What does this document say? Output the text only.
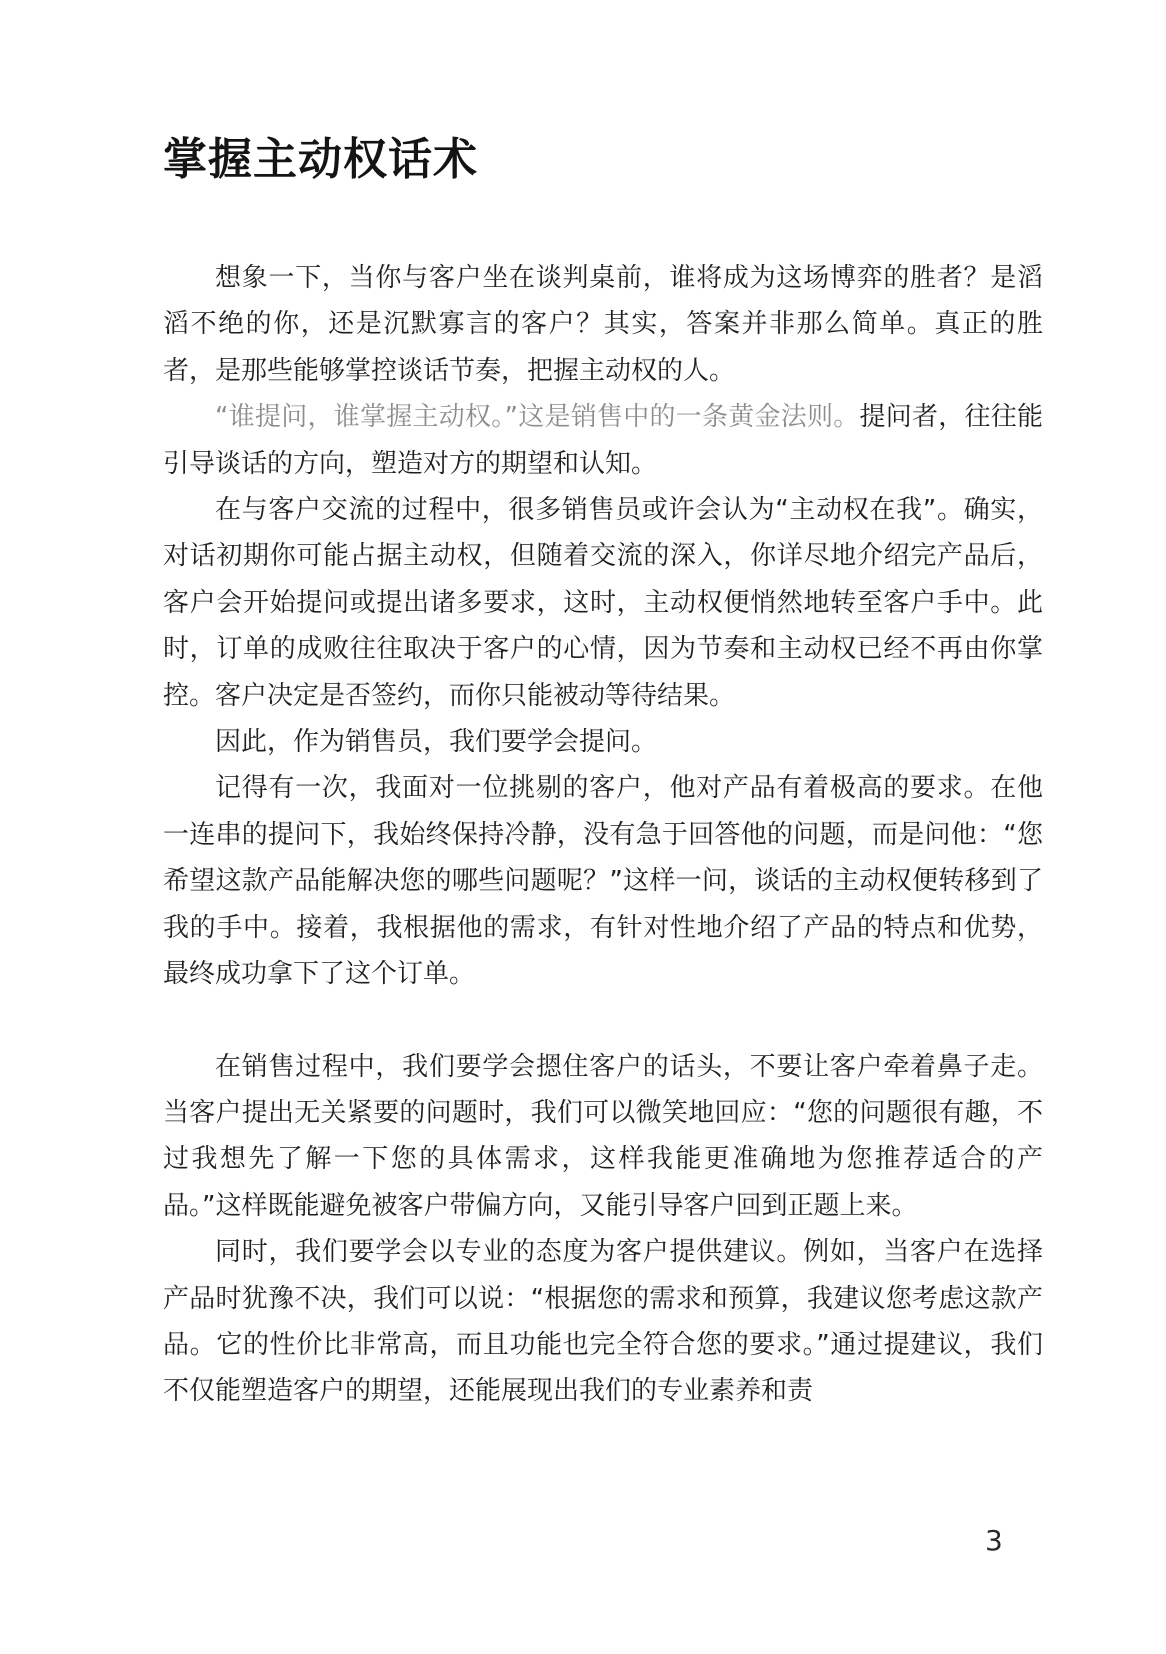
掌握主动权话术

想象一下，当你与客户坐在谈判桌前，谁将成为这场博弈的胜者？是滔滔不绝的你，还是沉默寡言的客户？其实，答案并非那么简单。真正的胜者，是那些能够掌控谈话节奏，把握主动权的人。

“谁提问，谁掌握主动权。”这是销售中的一条黄金法则。提问者，往往能引导谈话的方向，塑造对方的期望和认知。

在与客户交流的过程中，很多销售员或许会认为“主动权在我”。确实，对话初期你可能占据主动权，但随着交流的深入，你详尽地介绍完产品后，客户会开始提问或提出诸多要求，这时，主动权便悄然地转至客户手中。此时，订单的成败往往取决于客户的心情，因为节奏和主动权已经不再由你掌控。客户决定是否签约，而你只能被动等待结果。

因此，作为销售员，我们要学会提问。

记得有一次，我面对一位挑剔的客户，他对产品有着极高的要求。在他一连串的提问下，我始终保持冷静，没有急于回答他的问题，而是问他：“您希望这款产品能解决您的哪些问题呢？”这样一问，谈话的主动权便转移到了我的手中。接着，我根据他的需求，有针对性地介绍了产品的特点和优势，最终成功拿下了这个订单。

在销售过程中，我们要学会摁住客户的话头，不要让客户牵着鼻子走。当客户提出无关紧要的问题时，我们可以微笑地回应：“您的问题很有趣，不过我想先了解一下您的具体需求，这样我能更准确地为您推荐适合的产品。”这样既能避免被客户带偏方向，又能引导客户回到正题上来。

同时，我们要学会以专业的态度为客户提供建议。例如，当客户在选择产品时犹豫不决，我们可以说：“根据您的需求和预算，我建议您考虑这款产品。它的性价比非常高，而且功能也完全符合您的要求。”通过提建议，我们不仅能塑造客户的期望，还能展现出我们的专业素养和责

3
